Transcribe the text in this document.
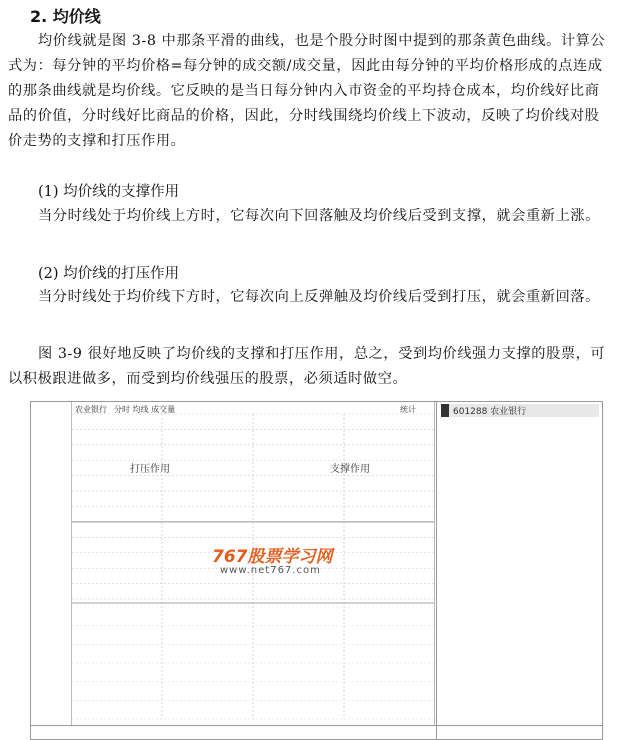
2. 均价线
均价线就是图 3-8 中那条平滑的曲线，也是个股分时图中提到的那条黄色曲线。计算公式为：每分钟的平均价格=每分钟的成交额/成交量，因此由每分钟的平均价格形成的点连成的那条曲线就是均价线。它反映的是当日每分钟内入市资金的平均持仓成本，均价线好比商品的价值，分时线好比商品的价格，因此，分时线围绕均价线上下波动，反映了均价线对股价走势的支撑和打压作用。
(1) 均价线的支撑作用
当分时线处于均价线上方时，它每次向下回落触及均价线后受到支撑，就会重新上涨。
(2) 均价线的打压作用
当分时线处于均价线下方时，它每次向上反弹触及均价线后受到打压，就会重新回落。
图 3-9 很好地反映了均价线的支撑和打压作用，总之，受到均价线强力支撑的股票，可以积极跟进做多，而受到均价线强压的股票，必须适时做空。
农业银行 分时 均线 成交量	统计
打压作用	支撑作用
767股票学习网
www.net767.com
601288 农业银行
